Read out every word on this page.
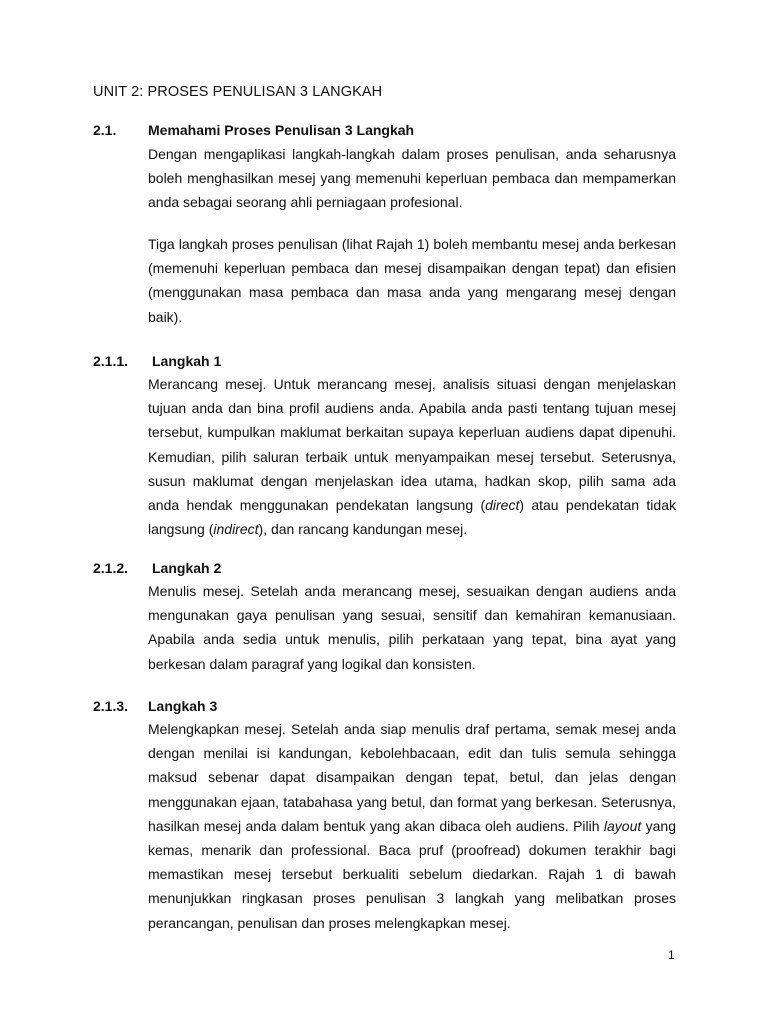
UNIT 2: PROSES PENULISAN 3 LANGKAH
2.1. Memahami Proses Penulisan 3 Langkah

Dengan mengaplikasi langkah-langkah dalam proses penulisan, anda seharusnya boleh menghasilkan mesej yang memenuhi keperluan pembaca dan mempamerkan anda sebagai seorang ahli perniagaan profesional.

Tiga langkah proses penulisan (lihat Rajah 1) boleh membantu mesej anda berkesan (memenuhi keperluan pembaca dan mesej disampaikan dengan tepat) dan efisien (menggunakan masa pembaca dan masa anda yang mengarang mesej dengan baik).

2.1.1. Langkah 1

Merancang mesej. Untuk merancang mesej, analisis situasi dengan menjelaskan tujuan anda dan bina profil audiens anda. Apabila anda pasti tentang tujuan mesej tersebut, kumpulkan maklumat berkaitan supaya keperluan audiens dapat dipenuhi. Kemudian, pilih saluran terbaik untuk menyampaikan mesej tersebut. Seterusnya, susun maklumat dengan menjelaskan idea utama, hadkan skop, pilih sama ada anda hendak menggunakan pendekatan langsung (direct) atau pendekatan tidak langsung (indirect), dan rancang kandungan mesej.

2.1.2. Langkah 2

Menulis mesej. Setelah anda merancang mesej, sesuaikan dengan audiens anda mengunakan gaya penulisan yang sesuai, sensitif dan kemahiran kemanusiaan. Apabila anda sedia untuk menulis, pilih perkataan yang tepat, bina ayat yang berkesan dalam paragraf yang logikal dan konsisten.

2.1.3. Langkah 3

Melengkapkan mesej. Setelah anda siap menulis draf pertama, semak mesej anda dengan menilai isi kandungan, kebolehbacaan, edit dan tulis semula sehingga maksud sebenar dapat disampaikan dengan tepat, betul, dan jelas dengan menggunakan ejaan, tatabahasa yang betul, dan format yang berkesan. Seterusnya, hasilkan mesej anda dalam bentuk yang akan dibaca oleh audiens. Pilih layout yang kemas, menarik dan professional. Baca pruf (proofread) dokumen terakhir bagi memastikan mesej tersebut berkualiti sebelum diedarkan. Rajah 1 di bawah menunjukkan ringkasan proses penulisan 3 langkah yang melibatkan proses perancangan, penulisan dan proses melengkapkan mesej.

1
